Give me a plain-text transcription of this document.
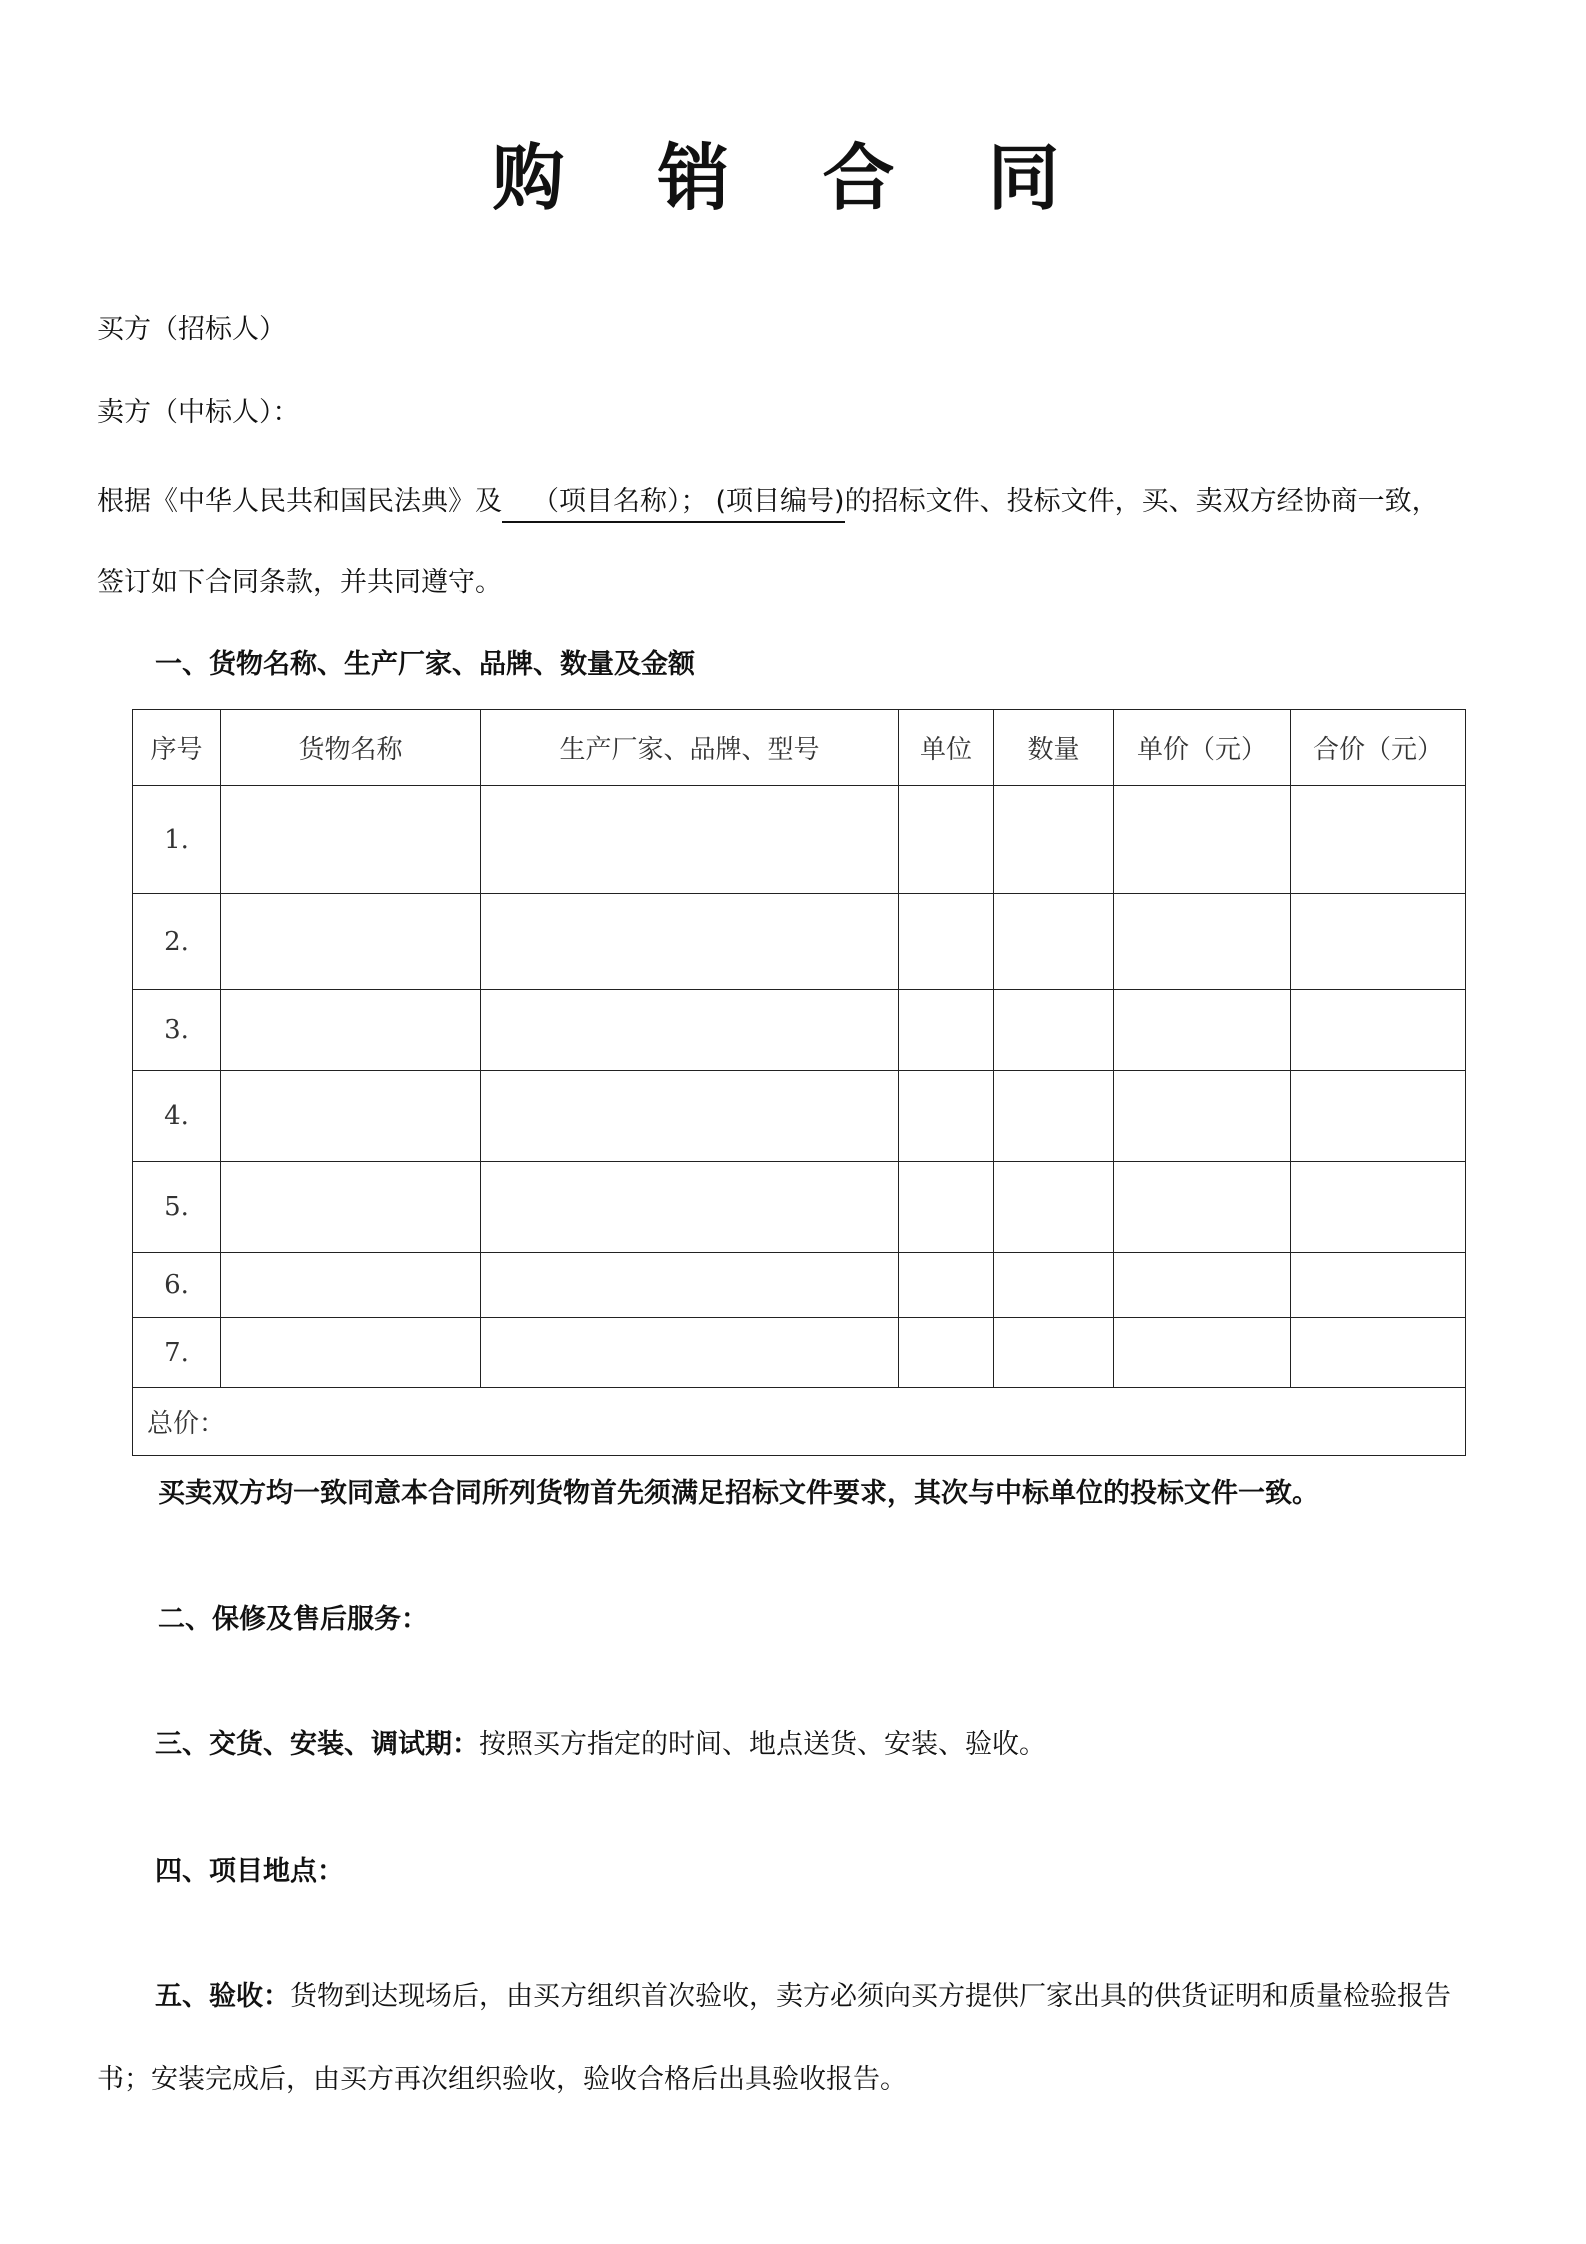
购 销 合 同
买方（招标人）
卖方（中标人）：
根据《中华人民共和国民法典》及 （项目名称）； (项目编号)的招标文件、投标文件，买、卖双方经协商一致，
签订如下合同条款，并共同遵守。
一、货物名称、生产厂家、品牌、数量及金额
序号	货物名称	生产厂家、品牌、型号	单位	数量	单价（元）	合价（元）
1.						
2.						
3.						
4.						
5.						
6.						
7.						
总价：						
买卖双方均一致同意本合同所列货物首先须满足招标文件要求，其次与中标单位的投标文件一致。
二、保修及售后服务：
三、交货、安装、调试期：按照买方指定的时间、地点送货、安装、验收。
四、项目地点：
五、验收：货物到达现场后，由买方组织首次验收，卖方必须向买方提供厂家出具的供货证明和质量检验报告
书；安装完成后，由买方再次组织验收，验收合格后出具验收报告。
